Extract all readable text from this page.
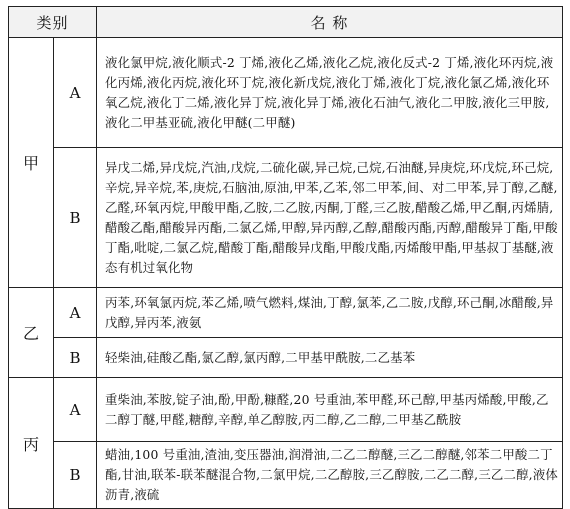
类别		名 称
甲	A	液化氯甲烷,液化顺式-2 丁烯,液化乙烯,液化乙烷,液化反式-2 丁烯,液化环丙烷,液化丙烯,液化丙烷,液化环丁烷,液化新戊烷,液化丁烯,液化丁烷,液化氯乙烯,液化环氧乙烷,液化丁二烯,液化异丁烷,液化异丁烯,液化石油气,液化二甲胺,液化三甲胺,液化二甲基亚硫,液化甲醚(二甲醚)
	B	异戊二烯,异戊烷,汽油,戊烷,二硫化碳,异己烷,己烷,石油醚,异庚烷,环戊烷,环己烷,辛烷,异辛烷,苯,庚烷,石脑油,原油,甲苯,乙苯,邻二甲苯,间、对二甲苯,异丁醇,乙醚,乙醛,环氧丙烷,甲酸甲酯,乙胺,二乙胺,丙酮,丁醛,三乙胺,醋酸乙烯,甲乙酮,丙烯腈,醋酸乙酯,醋酸异丙酯,二氯乙烯,甲醇,异丙醇,乙醇,醋酸丙酯,丙醇,醋酸异丁酯,甲酸丁酯,吡啶,二氯乙烷,醋酸丁酯,醋酸异戊酯,甲酸戊酯,丙烯酸甲酯,甲基叔丁基醚,液态有机过氧化物
乙	A	丙苯,环氧氯丙烷,苯乙烯,喷气燃料,煤油,丁醇,氯苯,乙二胺,戊醇,环己酮,冰醋酸,异戊醇,异丙苯,液氨
	B	轻柴油,硅酸乙酯,氯乙醇,氯丙醇,二甲基甲酰胺,二乙基苯
丙	A	重柴油,苯胺,锭子油,酚,甲酚,糠醛,20 号重油,苯甲醛,环己醇,甲基丙烯酸,甲酸,乙二醇丁醚,甲醛,糖醇,辛醇,单乙醇胺,丙二醇,乙二醇,二甲基乙酰胺
	B	蜡油,100 号重油,渣油,变压器油,润滑油,二乙二醇醚,三乙二醇醚,邻苯二甲酸二丁酯,甘油,联苯-联苯醚混合物,二氯甲烷,二乙醇胺,三乙醇胺,二乙二醇,三乙二醇,液体沥青,液硫
